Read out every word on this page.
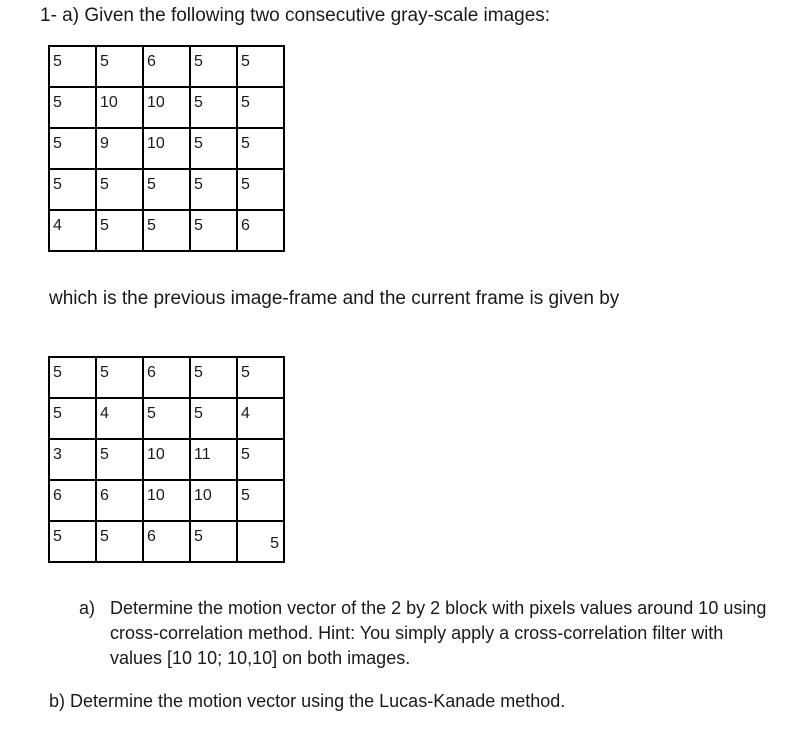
1- a) Given the following two consecutive gray-scale images:
5	5	6	5	5

5	10	10	5	5

5	9	10	5	5

5	5	5	5	5

4	5	5	5	6
which is the previous image-frame and the current frame is given by
5	5	6	5	5

5	4	5	5	4

3	5	10	11	5

6	6	10	10	5

5	5	6	5	5
a) Determine the motion vector of the 2 by 2 block with pixels values around 10 using cross-correlation method. Hint: You simply apply a cross-correlation filter with values [10 10; 10,10] on both images.
b) Determine the motion vector using the Lucas-Kanade method.
